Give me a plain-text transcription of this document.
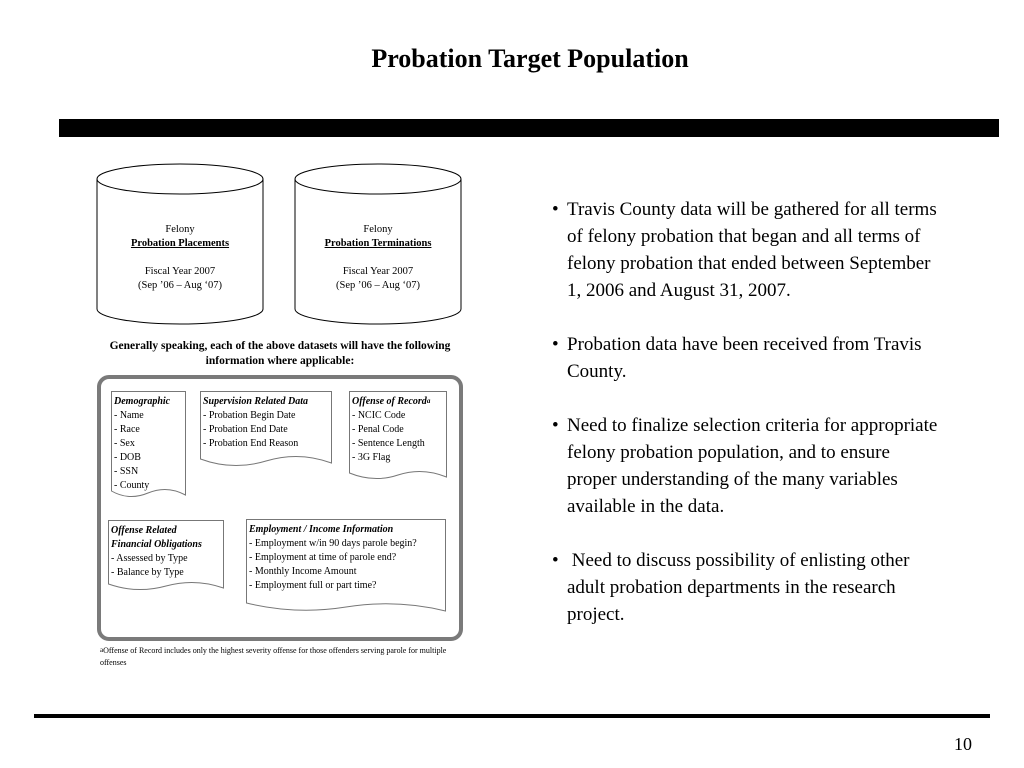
Probation Target Population
Felony
Probation Placements
Fiscal Year 2007
(Sep ’06 – Aug ‘07)
Felony
Probation Terminations
Fiscal Year 2007
(Sep ’06 – Aug ‘07)
Generally speaking, each of the above datasets will have the following information where applicable:
Demographic
- Name
- Race
- Sex
- DOB
- SSN
- County
Supervision Related Data
- Probation Begin Date
- Probation End Date
- Probation End Reason
Offense of Record$^a$
- NCIC Code
- Penal Code
- Sentence Length
- 3G Flag
Offense Related
Financial Obligations
- Assessed by Type
- Balance by Type
Employment / Income Information
- Employment w/in 90 days parole begin?
- Employment at time of parole end?
- Monthly Income Amount
- Employment full or part time?
aOffense of Record includes only the highest severity offense for those offenders serving parole for multiple offenses
• Travis County data will be gathered for all terms of felony probation that began and all terms of felony probation that ended between September 1, 2006 and August 31, 2007.
• Probation data have been received from Travis County.
• Need to finalize selection criteria for appropriate felony probation population, and to ensure proper understanding of the many variables available in the data.
• Need to discuss possibility of enlisting other adult probation departments in the research project.
10
